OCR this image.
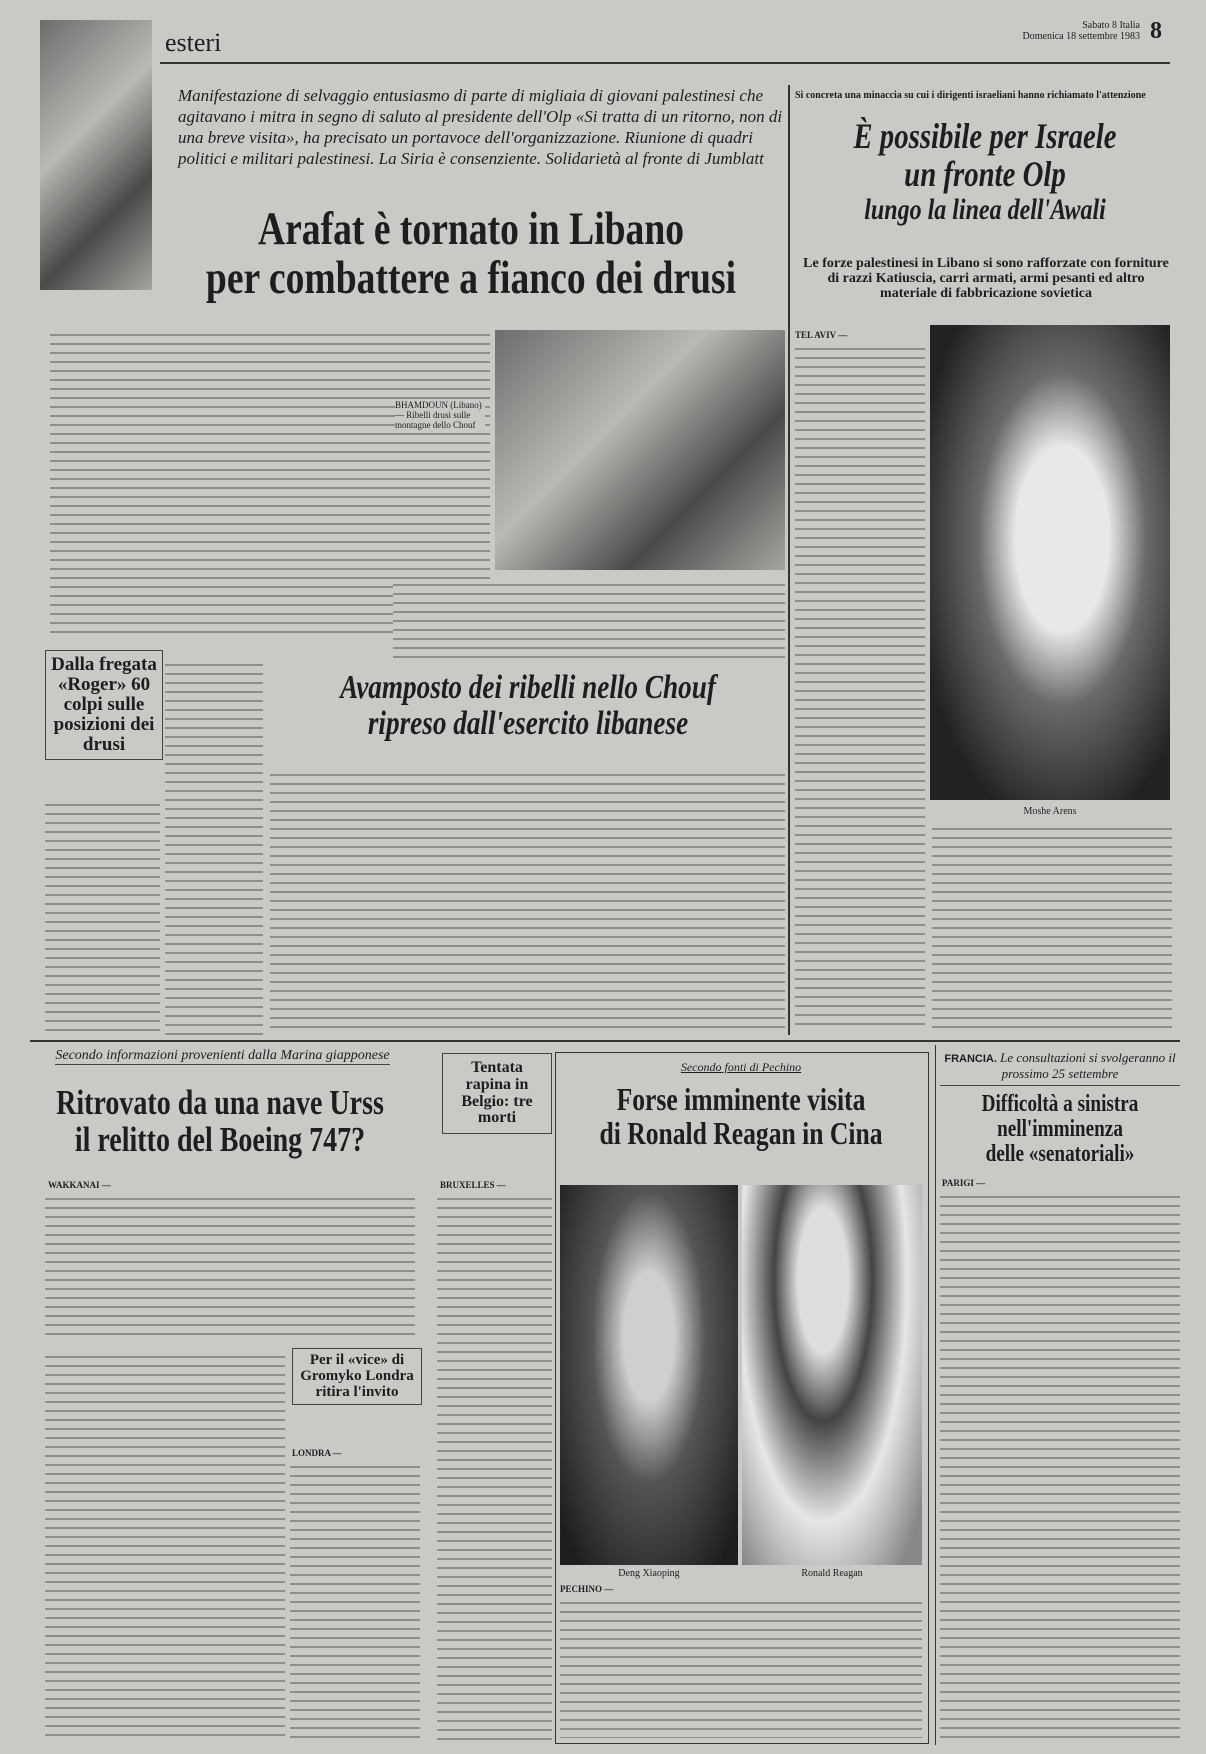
esteri
Sabato 8 Italia
Domenica 18 settembre 1983 8
Manifestazione di selvaggio entusiasmo di parte di migliaia di giovani palestinesi che agitavano i mitra in segno di saluto al presidente dell'Olp «Si tratta di un ritorno, non di una breve visita», ha precisato un portavoce dell'organizzazione. Riunione di quadri politici e militari palestinesi. La Siria è consenziente. Solidarietà al fronte di Jumblatt
Arafat è tornato in Libano
per combattere a fianco dei drusi
Si concreta una minaccia su cui i dirigenti israeliani hanno richiamato l'attenzione
È possibile per Israele
un fronte Olp
lungo la linea dell'Awali
Le forze palestinesi in Libano si sono rafforzate con forniture di razzi Katiuscia, carri armati, armi pesanti ed altro materiale di fabbricazione sovietica
BHAMDOUN (Libano) — Ribelli drusi sulle montagne dello Chouf
TEL AVIV —
Moshe Arens
Dalla fregata «Roger» 60 colpi sulle posizioni dei drusi
Avamposto dei ribelli nello Chouf
ripreso dall'esercito libanese
Secondo informazioni provenienti dalla Marina giapponese
Ritrovato da una nave Urss
il relitto del Boeing 747?
WAKKANAI —
Per il «vice» di Gromyko Londra ritira l'invito
LONDRA —
Tentata rapina in Belgio: tre morti
BRUXELLES —
Secondo fonti di Pechino
Forse imminente visita
di Ronald Reagan in Cina
Deng Xiaoping	Ronald Reagan
PECHINO —
FRANCIA. Le consultazioni si svolgeranno il prossimo 25 settembre
Difficoltà a sinistra
nell'imminenza
delle «senatoriali»
PARIGI —
